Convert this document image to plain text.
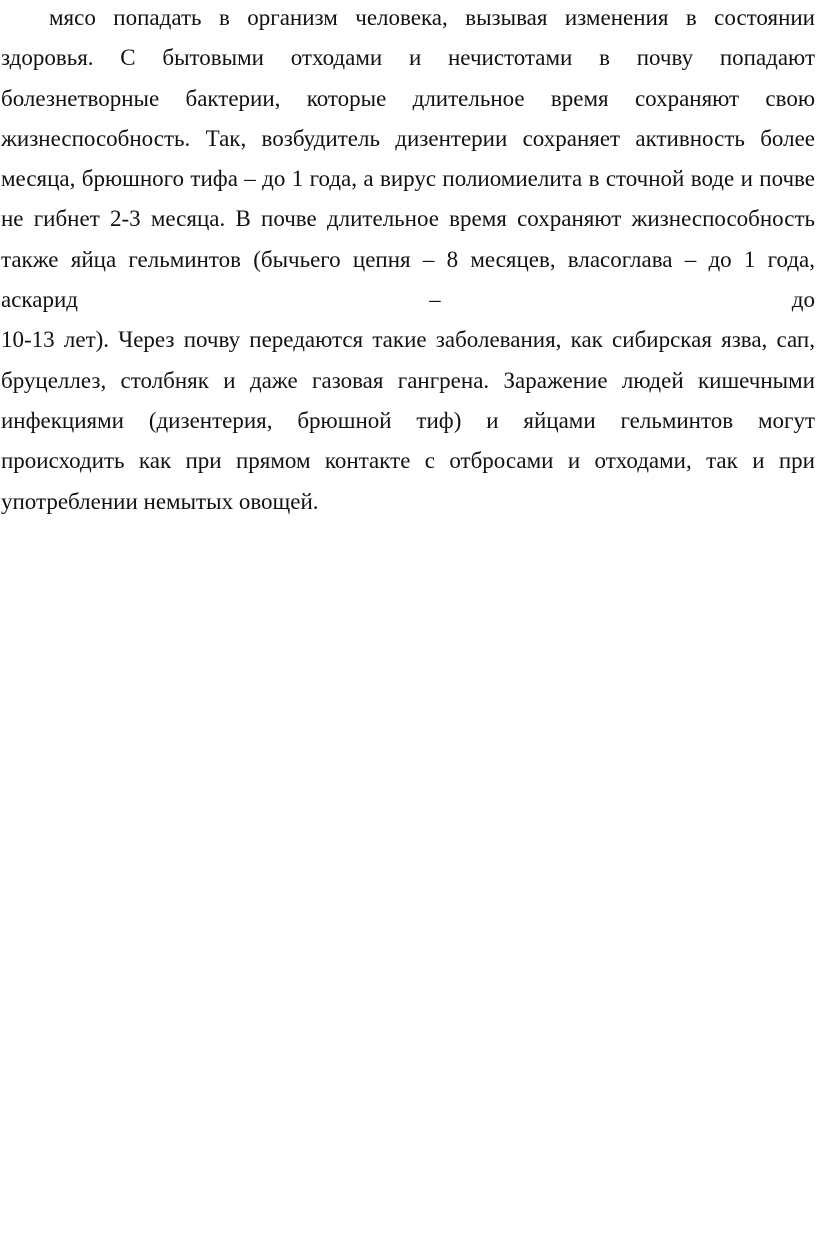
мясо попадать в организм человека, вызывая изменения в состоянии
здоровья. С бытовыми отходами и нечистотами в почву попадают
болезнетворные бактерии, которые длительное время сохраняют свою
жизнеспособность. Так, возбудитель дизентерии сохраняет активность более
месяца, брюшного тифа – до 1 года, а вирус полиомиелита в сточной воде и почве
не гибнет 2-3 месяца. В почве длительное время сохраняют жизнеспособность
также яйца гельминтов (бычьего цепня – 8 месяцев, власоглава – до 1 года,
аскарид – до
10-13 лет). Через почву передаются такие заболевания, как сибирская язва, сап,
бруцеллез, столбняк и даже газовая гангрена. Заражение людей кишечными
инфекциями (дизентерия, брюшной тиф) и яйцами гельминтов могут
происходить как при прямом контакте с отбросами и отходами, так и при
употреблении немытых овощей.
